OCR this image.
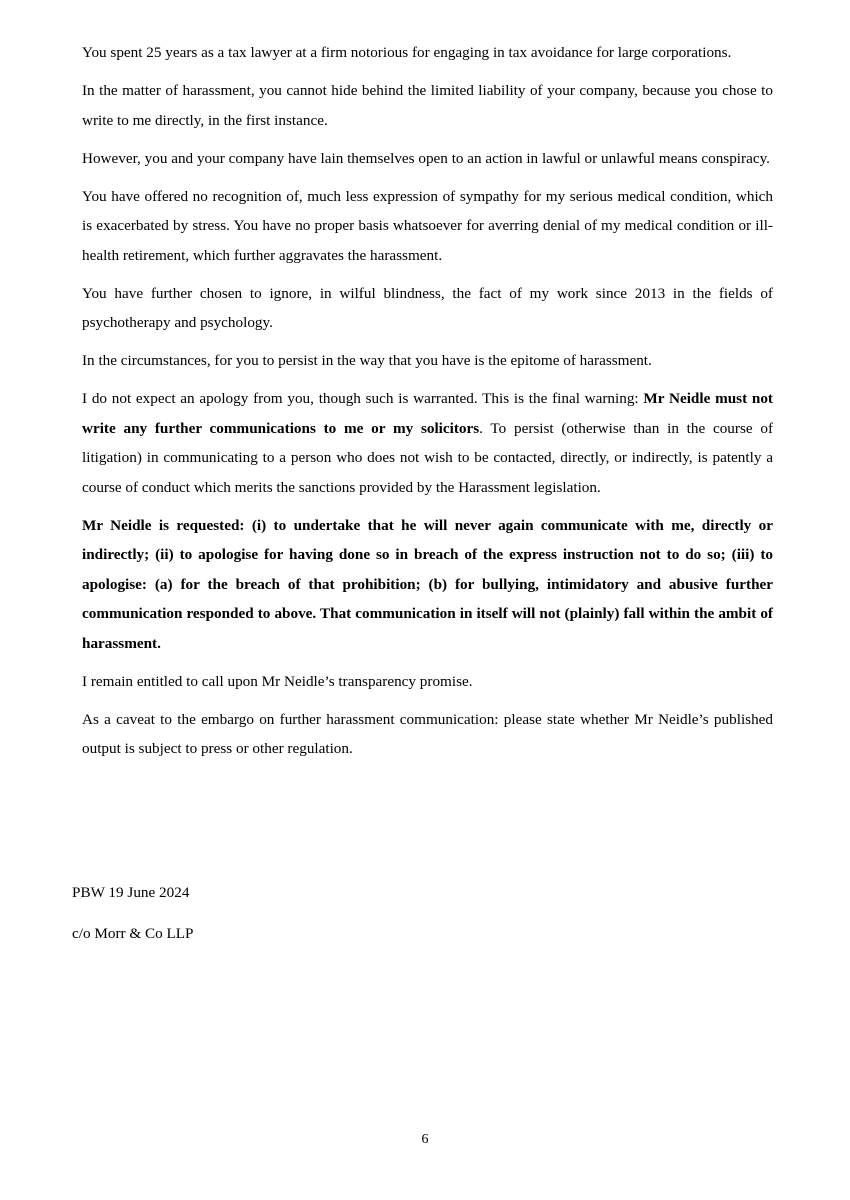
You spent 25 years as a tax lawyer at a firm notorious for engaging in tax avoidance for large corporations.

In the matter of harassment, you cannot hide behind the limited liability of your company, because you chose to write to me directly, in the first instance.

However, you and your company have lain themselves open to an action in lawful or unlawful means conspiracy.

You have offered no recognition of, much less expression of sympathy for my serious medical condition, which is exacerbated by stress. You have no proper basis whatsoever for averring denial of my medical condition or ill-health retirement, which further aggravates the harassment.

You have further chosen to ignore, in wilful blindness, the fact of my work since 2013 in the fields of psychotherapy and psychology.

In the circumstances, for you to persist in the way that you have is the epitome of harassment.

I do not expect an apology from you, though such is warranted. This is the final warning: Mr Neidle must not write any further communications to me or my solicitors. To persist (otherwise than in the course of litigation) in communicating to a person who does not wish to be contacted, directly, or indirectly, is patently a course of conduct which merits the sanctions provided by the Harassment legislation.

Mr Neidle is requested: (i) to undertake that he will never again communicate with me, directly or indirectly; (ii) to apologise for having done so in breach of the express instruction not to do so; (iii) to apologise: (a) for the breach of that prohibition; (b) for bullying, intimidatory and abusive further communication responded to above. That communication in itself will not (plainly) fall within the ambit of harassment.

I remain entitled to call upon Mr Neidle’s transparency promise.

As a caveat to the embargo on further harassment communication: please state whether Mr Neidle’s published output is subject to press or other regulation.

PBW 19 June 2024

c/o Morr & Co LLP

6
